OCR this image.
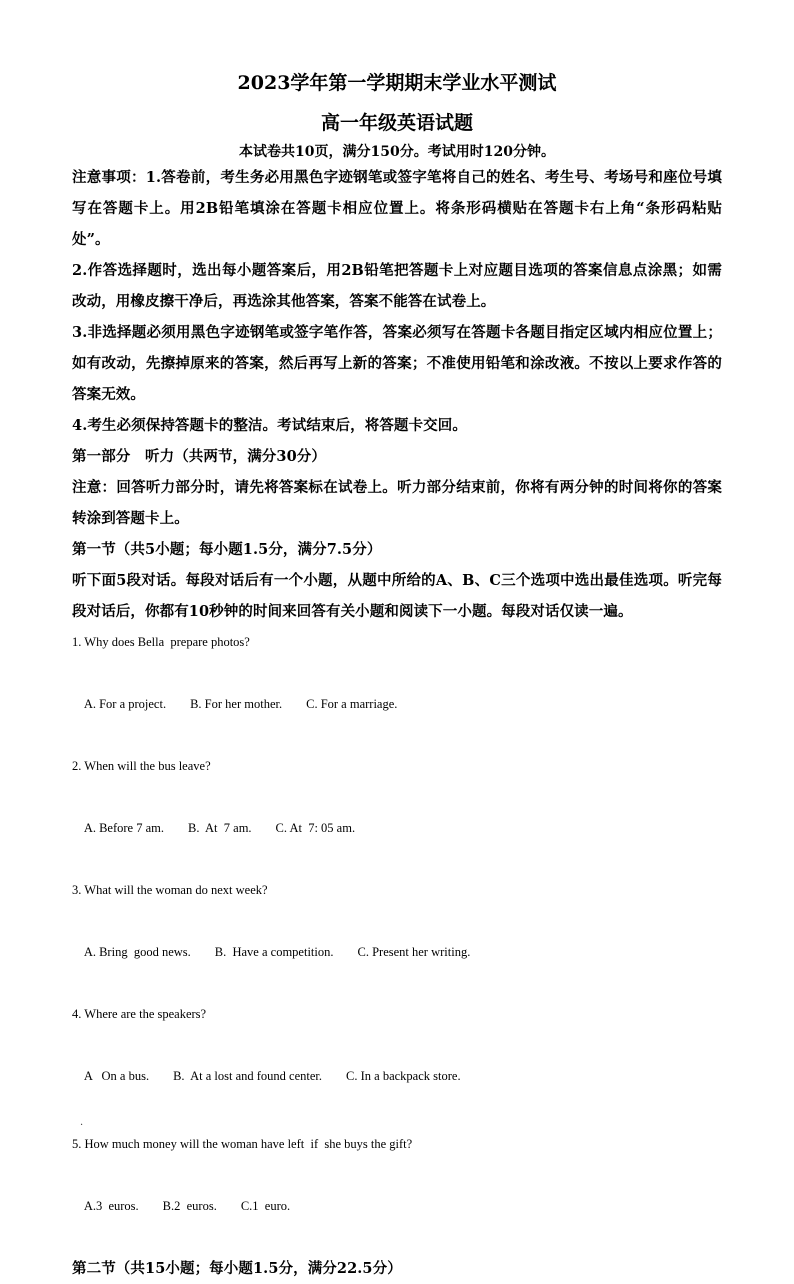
2023学年第一学期期末学业水平测试
高一年级英语试题
本试卷共10页，满分150分。考试用时120分钟。
注意事项：1.答卷前，考生务必用黑色字迹钢笔或签字笔将自己的姓名、考生号、考场号和座位号填写在答题卡上。用2B铅笔填涂在答题卡相应位置上。将条形码横贴在答题卡右上角“条形码粘贴处”。
2.作答选择题时，选出每小题答案后，用2B铅笔把答题卡上对应题目选项的答案信息点涂黑；如需改动，用橡皮擦干净后，再选涂其他答案，答案不能答在试卷上。
3.非选择题必须用黑色字迹钢笔或签字笔作答，答案必须写在答题卡各题目指定区域内相应位置上；如有改动，先擦掉原来的答案，然后再写上新的答案；不准使用铅笔和涂改液。不按以上要求作答的答案无效。
4.考生必须保持答题卡的整洁。考试结束后，将答题卡交回。
第一部分　听力（共两节，满分30分）
注意：回答听力部分时，请先将答案标在试卷上。听力部分结束前，你将有两分钟的时间将你的答案转涂到答题卡上。
第一节（共5小题；每小题1.5分，满分7.5分）
听下面5段对话。每段对话后有一个小题，从题中所给的A、B、C三个选项中选出最佳选项。听完每段对话后，你都有10秒钟的时间来回答有关小题和阅读下一小题。每段对话仅读一遍。
1. Why does Bella  prepare photos?

A. For a project. B. For her mother. C. For a marriage.

2. When will the bus leave?

A. Before 7 am. B.  At  7 am. C. At  7: 05 am.

3. What will the woman do next week?

A. Bring  good news. B.  Have a competition. C. Present her writing.

4. Where are the speakers?

A   On a bus. B.  At a lost and found center. C. In a backpack store.

·
5. How much money will the woman have left  if  she buys the gift?

A.3  euros. B.2  euros. C.1  euro.

第二节（共15小题；每小题1.5分，满分22.5分）
